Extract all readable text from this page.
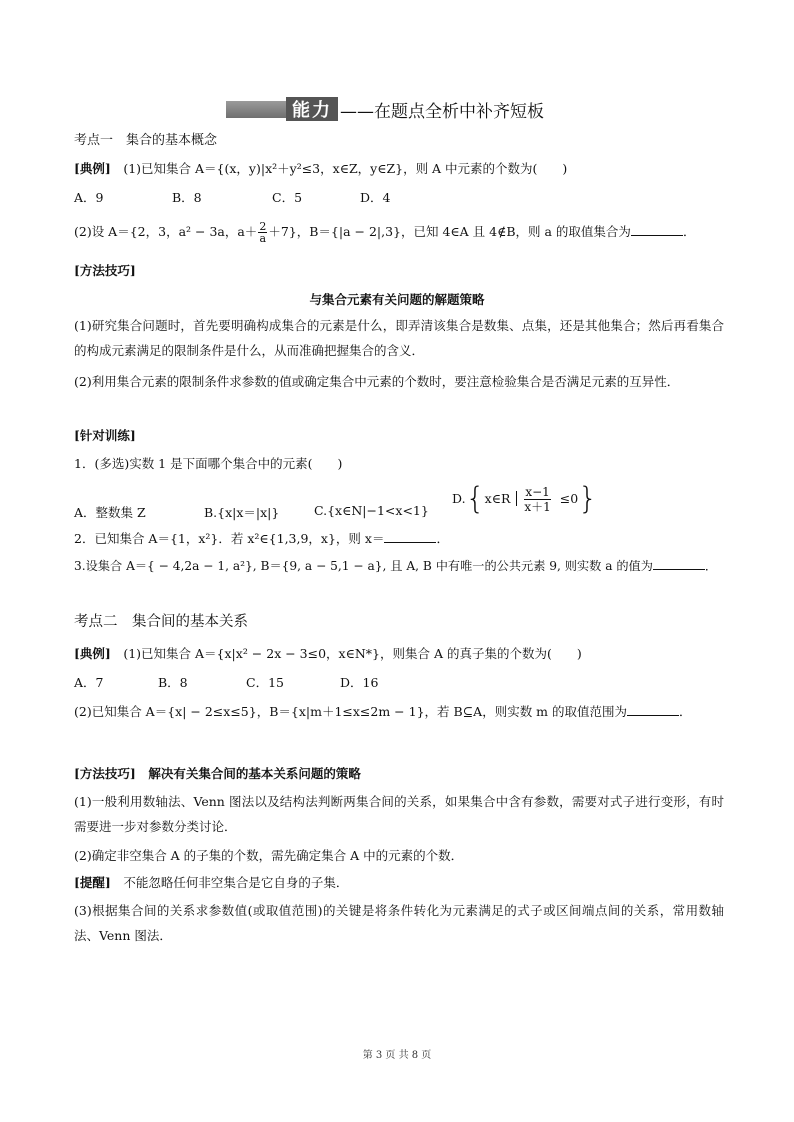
能力 ——在题点全析中补齐短板
考点一　集合的基本概念
[典例]　(1)已知集合 A＝{(x，y)|x²＋y²≤3，x∈Z，y∈Z}，则 A 中元素的个数为(　　)
A．9	B．8	C．5	D．4
(2)设 A＝{2，3，a² − 3a，$a+ \frac{2}{a} +7$}，B＝{|a − 2|,3}，已知 4∈A 且 4∉B，则 a 的取值集合为	．
[方法技巧]
与集合元素有关问题的解题策略
(1)研究集合问题时，首先要明确构成集合的元素是什么，即弄清该集合是数集、点集，还是其他集合；然后再看集合的构成元素满足的限制条件是什么，从而准确把握集合的含义．
(2)利用集合元素的限制条件求参数的值或确定集合中元素的个数时，要注意检验集合是否满足元素的互异性．
[针对训练]
1．(多选)实数 1 是下面哪个集合中的元素(　　)
A．整数集 Z	B.{x|x＝|x|}	C.{x∈N|−1<x<1}
D.{x∈R $\frac{x-1}{x+1} \le 0$}
2．已知集合 A＝{1，x²}．若 x²∈{1,3,9，x}，则 x＝	．
3.设集合 A＝{ − 4,2a − 1, a²}, B＝{9, a − 5,1 − a}, 且 A, B 中有唯一的公共元素 9, 则实数 a 的值为	．
考点二　集合间的基本关系
[典例]　(1)已知集合 A＝{x|x² − 2x − 3≤0，x∈N*}，则集合 A 的真子集的个数为(　　)
A．7	B．8	C．15	D．16
(2)已知集合 A＝{x| − 2≤x≤5}，B＝{x|m＋1≤x≤2m − 1}，若 B⊆A，则实数 m 的取值范围为	．
[方法技巧]　解决有关集合间的基本关系问题的策略
(1)一般利用数轴法、Venn 图法以及结构法判断两集合间的关系，如果集合中含有参数，需要对式子进行变形，有时需要进一步对参数分类讨论．
(2)确定非空集合 A 的子集的个数，需先确定集合 A 中的元素的个数．
[提醒]　不能忽略任何非空集合是它自身的子集．
(3)根据集合间的关系求参数值(或取值范围)的关键是将条件转化为元素满足的式子或区间端点间的关系，常用数轴法、Venn 图法．
第 3 页 共 8 页
